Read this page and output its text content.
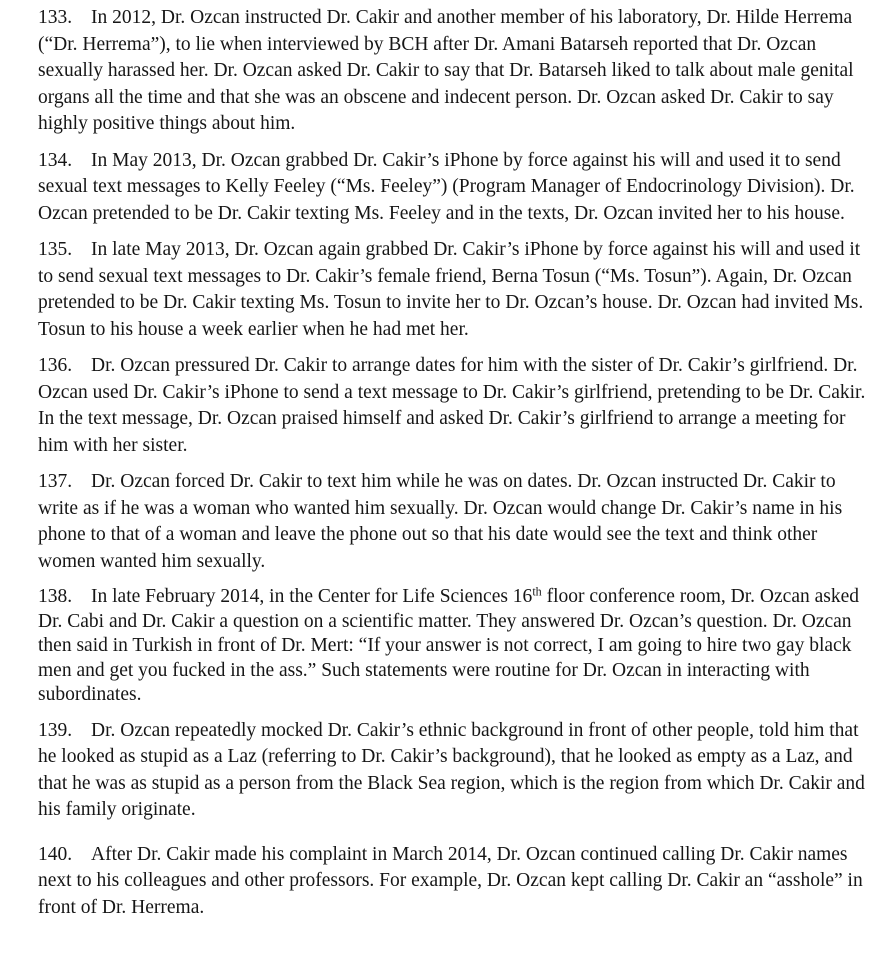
133. In 2012, Dr. Ozcan instructed Dr. Cakir and another member of his laboratory, Dr. Hilde Herrema (“Dr. Herrema”), to lie when interviewed by BCH after Dr. Amani Batarseh reported that Dr. Ozcan sexually harassed her. Dr. Ozcan asked Dr. Cakir to say that Dr. Batarseh liked to talk about male genital organs all the time and that she was an obscene and indecent person. Dr. Ozcan asked Dr. Cakir to say highly positive things about him.

134. In May 2013, Dr. Ozcan grabbed Dr. Cakir’s iPhone by force against his will and used it to send sexual text messages to Kelly Feeley (“Ms. Feeley”) (Program Manager of Endocrinology Division). Dr. Ozcan pretended to be Dr. Cakir texting Ms. Feeley and in the texts, Dr. Ozcan invited her to his house.

135. In late May 2013, Dr. Ozcan again grabbed Dr. Cakir’s iPhone by force against his will and used it to send sexual text messages to Dr. Cakir’s female friend, Berna Tosun (“Ms. Tosun”). Again, Dr. Ozcan pretended to be Dr. Cakir texting Ms. Tosun to invite her to Dr. Ozcan’s house. Dr. Ozcan had invited Ms. Tosun to his house a week earlier when he had met her.

136. Dr. Ozcan pressured Dr. Cakir to arrange dates for him with the sister of Dr. Cakir’s girlfriend. Dr. Ozcan used Dr. Cakir’s iPhone to send a text message to Dr. Cakir’s girlfriend, pretending to be Dr. Cakir. In the text message, Dr. Ozcan praised himself and asked Dr. Cakir’s girlfriend to arrange a meeting for him with her sister.

137. Dr. Ozcan forced Dr. Cakir to text him while he was on dates. Dr. Ozcan instructed Dr. Cakir to write as if he was a woman who wanted him sexually. Dr. Ozcan would change Dr. Cakir’s name in his phone to that of a woman and leave the phone out so that his date would see the text and think other women wanted him sexually.

138. In late February 2014, in the Center for Life Sciences 16th floor conference room, Dr. Ozcan asked Dr. Cabi and Dr. Cakir a question on a scientific matter. They answered Dr. Ozcan’s question. Dr. Ozcan then said in Turkish in front of Dr. Mert: “If your answer is not correct, I am going to hire two gay black men and get you fucked in the ass.” Such statements were routine for Dr. Ozcan in interacting with subordinates.

139. Dr. Ozcan repeatedly mocked Dr. Cakir’s ethnic background in front of other people, told him that he looked as stupid as a Laz (referring to Dr. Cakir’s background), that he looked as empty as a Laz, and that he was as stupid as a person from the Black Sea region, which is the region from which Dr. Cakir and his family originate.

140. After Dr. Cakir made his complaint in March 2014, Dr. Ozcan continued calling Dr. Cakir names next to his colleagues and other professors. For example, Dr. Ozcan kept calling Dr. Cakir an “asshole” in front of Dr. Herrema.
